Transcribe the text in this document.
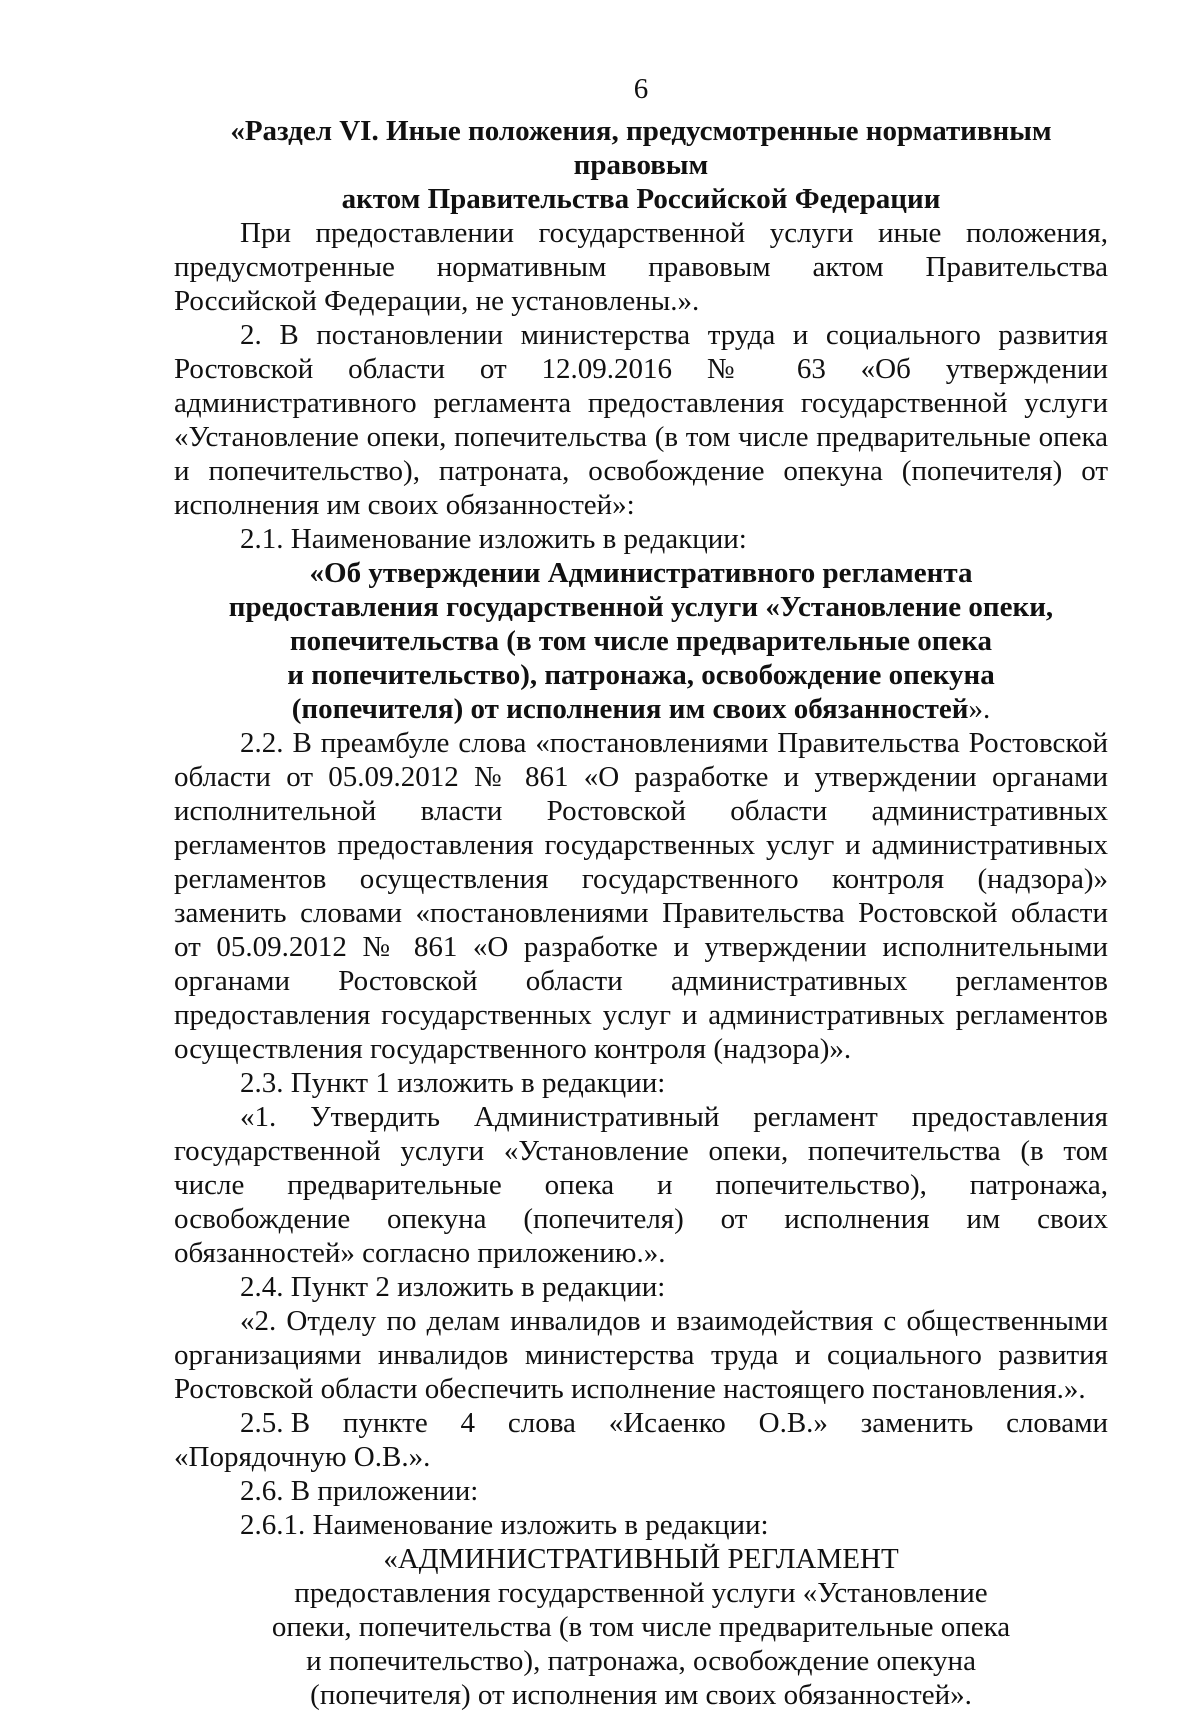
6

«Раздел VI. Иные положения, предусмотренные нормативным правовым

актом Правительства Российской Федерации

При предоставлении государственной услуги иные положения, предусмотренные нормативным правовым актом Правительства Российской Федерации, не установлены.».

2. В постановлении министерства труда и социального развития Ростовской области от 12.09.2016 № 63 «Об утверждении административного регламента предоставления государственной услуги «Установление опеки, попечительства (в том числе предварительные опека и попечительство), патроната, освобождение опекуна (попечителя) от исполнения им своих обязанностей»:

2.1. Наименование изложить в редакции:

«Об утверждении Административного регламента

предоставления государственной услуги «Установление опеки,

попечительства (в том числе предварительные опека

и попечительство), патронажа, освобождение опекуна

(попечителя) от исполнения им своих обязанностей».

2.2. В преамбуле слова «постановлениями Правительства Ростовской области от 05.09.2012 № 861 «О разработке и утверждении органами исполнительной власти Ростовской области административных регламентов предоставления государственных услуг и административных регламентов осуществления государственного контроля (надзора)» заменить словами «постановлениями Правительства Ростовской области от 05.09.2012 № 861 «О разработке и утверждении исполнительными органами Ростовской области административных регламентов предоставления государственных услуг и административных регламентов осуществления государственного контроля (надзора)».

2.3. Пункт 1 изложить в редакции:

«1. Утвердить Административный регламент предоставления государственной услуги «Установление опеки, попечительства (в том числе предварительные опека и попечительство), патронажа, освобождение опекуна (попечителя) от исполнения им своих обязанностей» согласно приложению.».

2.4. Пункт 2 изложить в редакции:

«2. Отделу по делам инвалидов и взаимодействия с общественными организациями инвалидов министерства труда и социального развития Ростовской области обеспечить исполнение настоящего постановления.».

2.5. В пункте 4 слова «Исаенко О.В.» заменить словами

«Порядочную О.В.».

2.6. В приложении:

2.6.1. Наименование изложить в редакции:

«АДМИНИСТРАТИВНЫЙ РЕГЛАМЕНТ

предоставления государственной услуги «Установление

опеки, попечительства (в том числе предварительные опека

и попечительство), патронажа, освобождение опекуна

(попечителя) от исполнения им своих обязанностей».
